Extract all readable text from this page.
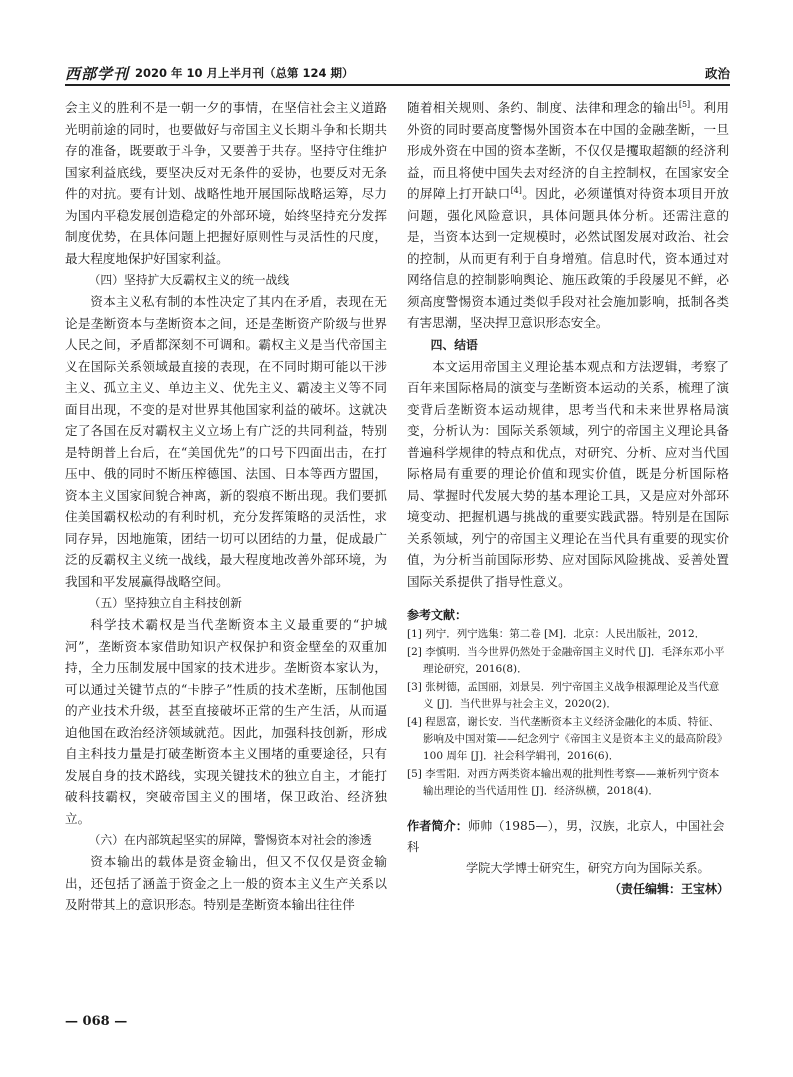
西部学刊 2020 年 10 月上半月刊（总第 124 期）	政治

会主义的胜利不是一朝一夕的事情，在坚信社会主义道路光明前途的同时，也要做好与帝国主义长期斗争和长期共存的准备，既要敢于斗争，又要善于共存。坚持守住维护国家利益底线，要坚决反对无条件的妥协，也要反对无条件的对抗。要有计划、战略性地开展国际战略运筹，尽力为国内平稳发展创造稳定的外部环境，始终坚持充分发挥制度优势，在具体问题上把握好原则性与灵活性的尺度，最大程度地保护好国家利益。

（四）坚持扩大反霸权主义的统一战线

资本主义私有制的本性决定了其内在矛盾，表现在无论是垄断资本与垄断资本之间，还是垄断资产阶级与世界人民之间，矛盾都深刻不可调和。霸权主义是当代帝国主义在国际关系领域最直接的表现，在不同时期可能以干涉主义、孤立主义、单边主义、优先主义、霸凌主义等不同面目出现，不变的是对世界其他国家利益的破坏。这就决定了各国在反对霸权主义立场上有广泛的共同利益，特别是特朗普上台后，在“美国优先”的口号下四面出击，在打压中、俄的同时不断压榨德国、法国、日本等西方盟国，资本主义国家间貌合神离，新的裂痕不断出现。我们要抓住美国霸权松动的有利时机，充分发挥策略的灵活性，求同存异，因地施策，团结一切可以团结的力量，促成最广泛的反霸权主义统一战线，最大程度地改善外部环境，为我国和平发展赢得战略空间。

（五）坚持独立自主科技创新

科学技术霸权是当代垄断资本主义最重要的“护城河”，垄断资本家借助知识产权保护和资金壁垒的双重加持，全力压制发展中国家的技术进步。垄断资本家认为，可以通过关键节点的“卡脖子”性质的技术垄断，压制他国的产业技术升级，甚至直接破坏正常的生产生活，从而逼迫他国在政治经济领域就范。因此，加强科技创新，形成自主科技力量是打破垄断资本主义围堵的重要途径，只有发展自身的技术路线，实现关键技术的独立自主，才能打破科技霸权，突破帝国主义的围堵，保卫政治、经济独立。

（六）在内部筑起坚实的屏障，警惕资本对社会的渗透

资本输出的载体是资金输出，但又不仅仅是资金输出，还包括了涵盖于资金之上一般的资本主义生产关系以及附带其上的意识形态。特别是垄断资本输出往往伴

随着相关规则、条约、制度、法律和理念的输出[5]。利用外资的同时要高度警惕外国资本在中国的金融垄断，一旦形成外资在中国的资本垄断，不仅仅是攫取超额的经济利益，而且将使中国失去对经济的自主控制权，在国家安全的屏障上打开缺口[4]。因此，必须谨慎对待资本项目开放问题，强化风险意识，具体问题具体分析。还需注意的是，当资本达到一定规模时，必然试图发展对政治、社会的控制，从而更有利于自身增殖。信息时代，资本通过对网络信息的控制影响舆论、施压政策的手段屡见不鲜，必须高度警惕资本通过类似手段对社会施加影响，抵制各类有害思潮，坚决捍卫意识形态安全。

四、结语

本文运用帝国主义理论基本观点和方法逻辑，考察了百年来国际格局的演变与垄断资本运动的关系，梳理了演变背后垄断资本运动规律，思考当代和未来世界格局演变，分析认为：国际关系领域，列宁的帝国主义理论具备普遍科学规律的特点和优点，对研究、分析、应对当代国际格局有重要的理论价值和现实价值，既是分析国际格局、掌握时代发展大势的基本理论工具，又是应对外部环境变动、把握机遇与挑战的重要实践武器。特别是在国际关系领域，列宁的帝国主义理论在当代具有重要的现实价值，为分析当前国际形势、应对国际风险挑战、妥善处置国际关系提供了指导性意义。

参考文献：

[1] 列宁．列宁选集：第二卷 [M]．北京：人民出版社，2012．
[2] 李慎明．当今世界仍然处于金融帝国主义时代 [J]．毛泽东邓小平理论研究，2016(8)．
[3] 张树德，孟国丽，刘景昊．列宁帝国主义战争根源理论及当代意义 [J]．当代世界与社会主义，2020(2)．
[4] 程恩富，谢长安．当代垄断资本主义经济金融化的本质、特征、影响及中国对策——纪念列宁《帝国主义是资本主义的最高阶段》100 周年 [J]．社会科学辑刊，2016(6)．
[5] 李雪阳．对西方两类资本输出观的批判性考察——兼析列宁资本输出理论的当代适用性 [J]．经济纵横，2018(4)．

作者简介：师帅（1985—），男，汉族，北京人，中国社会科

学院大学博士研究生，研究方向为国际关系。

（责任编辑：王宝林）

— 068 —
